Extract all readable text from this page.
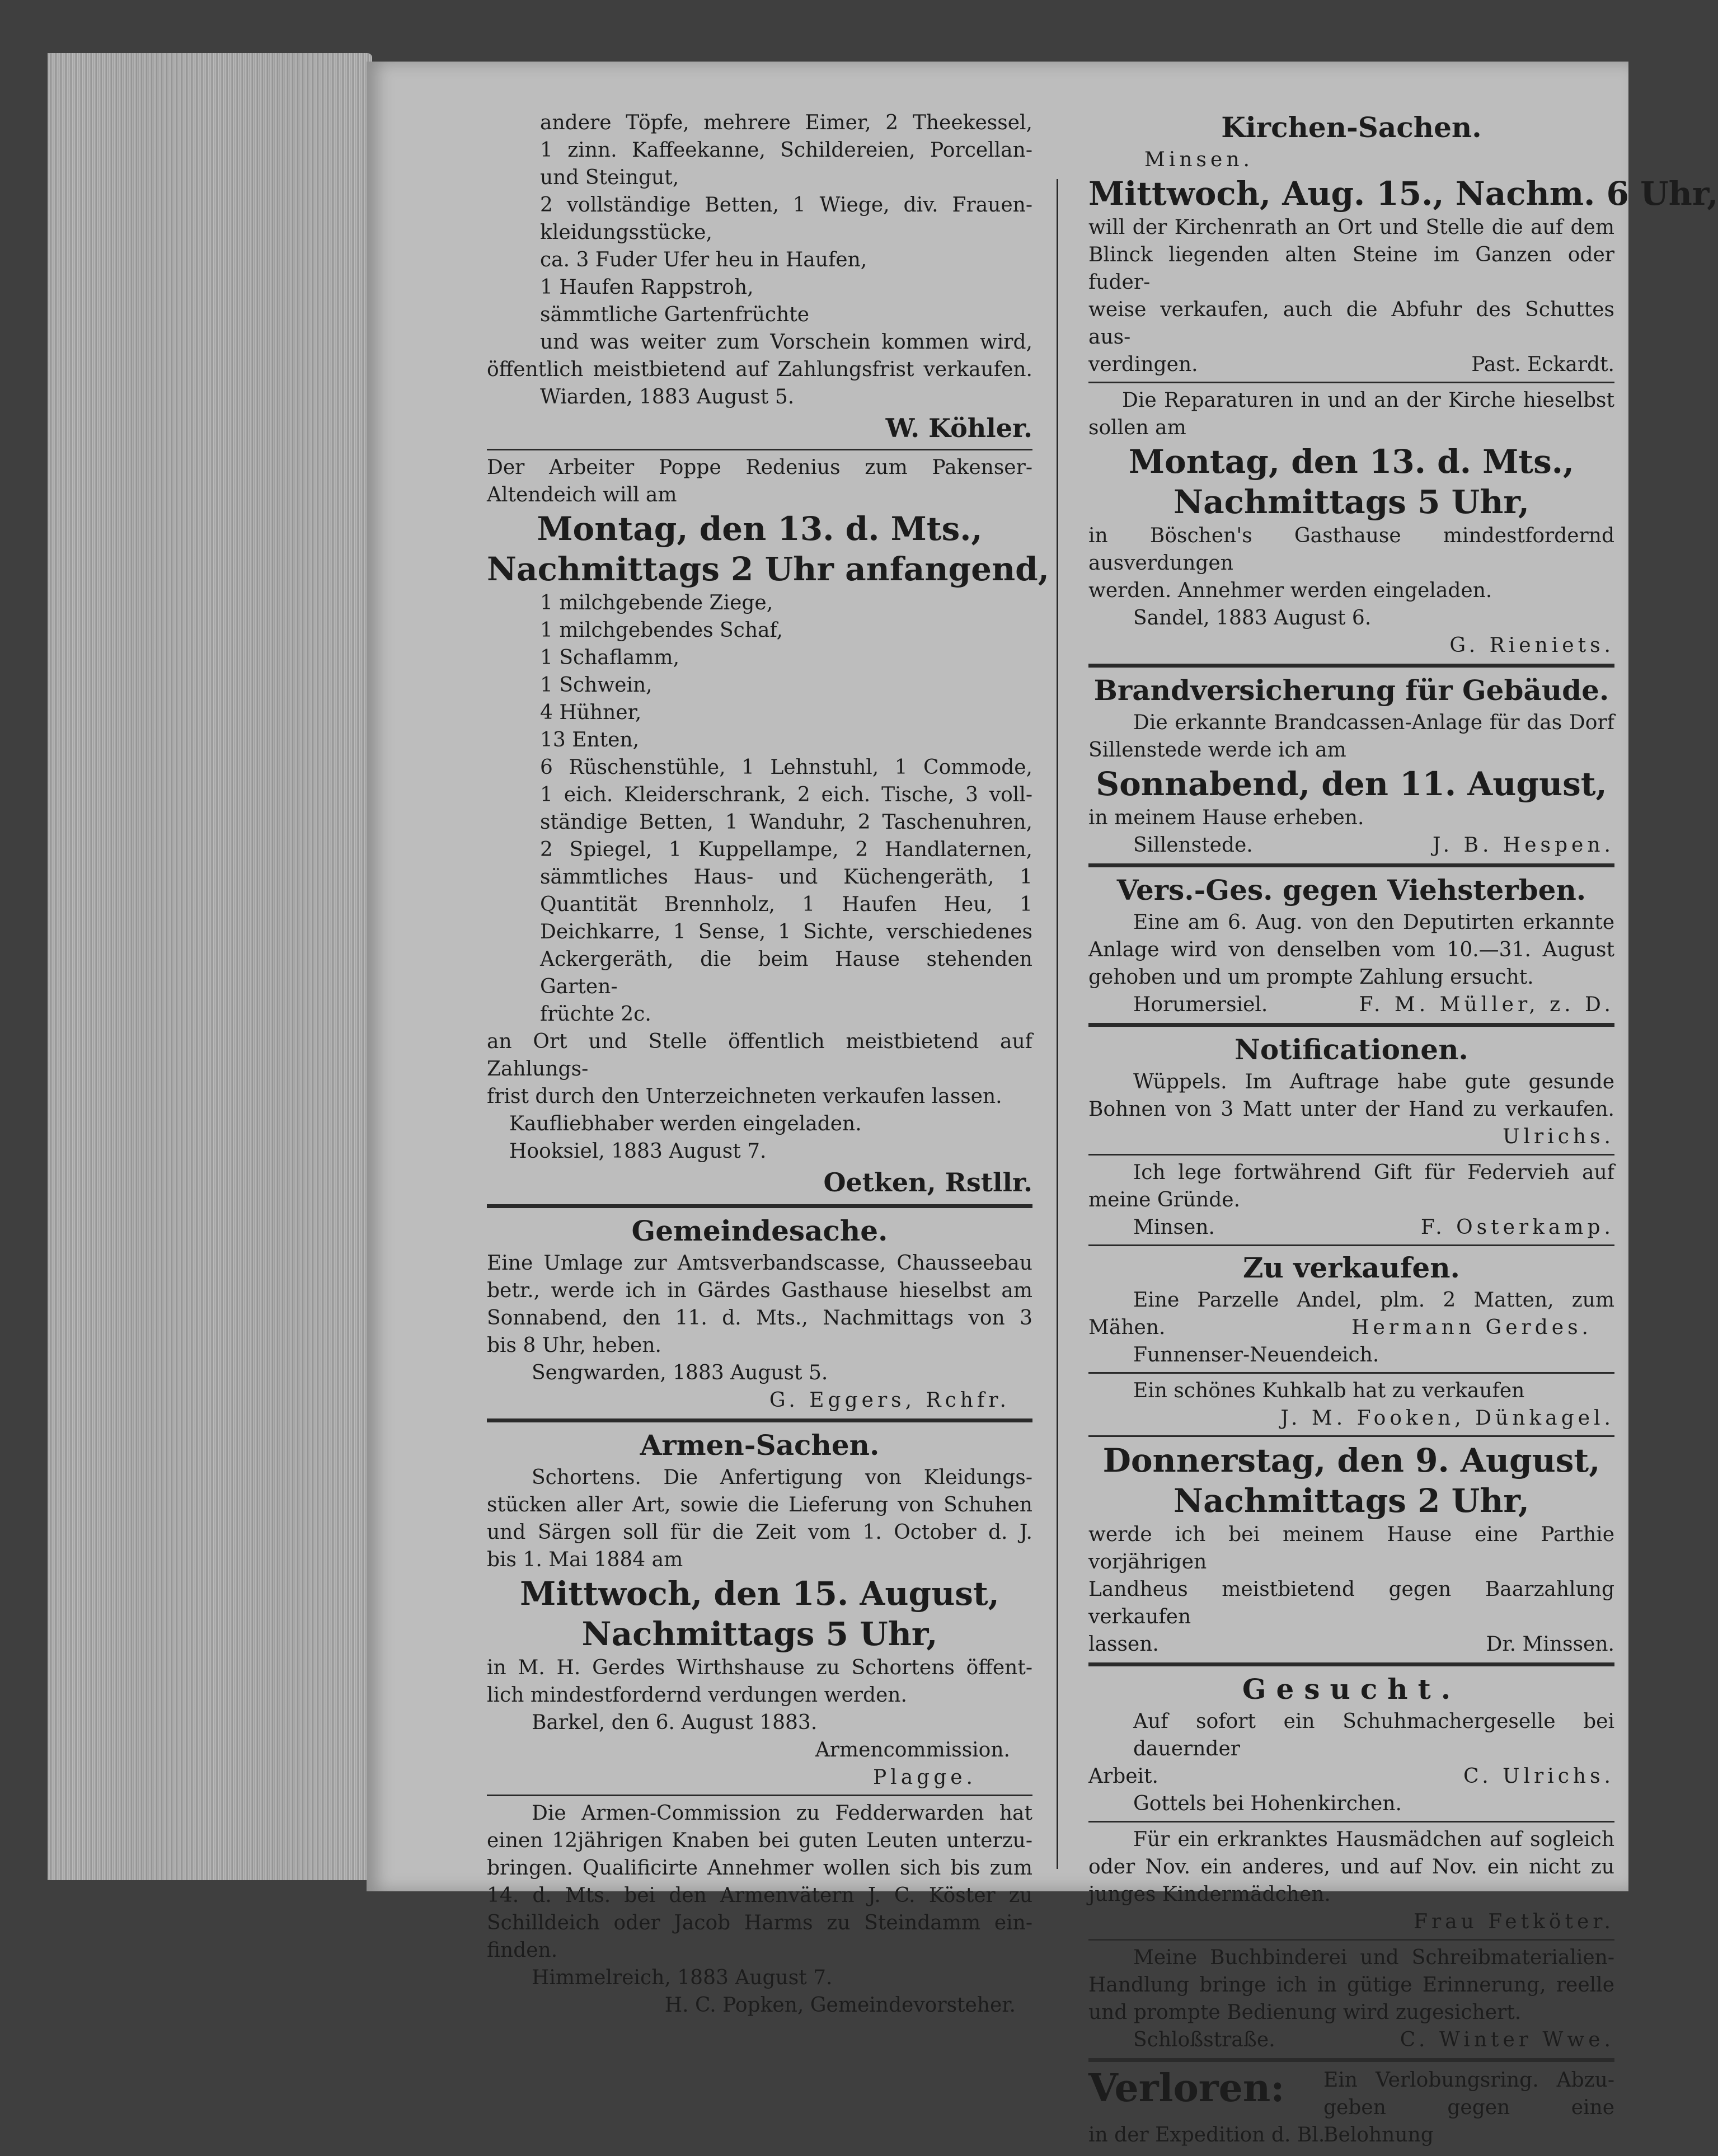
andere Töpfe, mehrere Eimer, 2 Theekessel,
1 zinn. Kaffeekanne, Schildereien, Porcellan-
und Steingut,
2 vollständige Betten, 1 Wiege, div. Frauen-
kleidungsstücke,
ca. 3 Fuder Ufer heu in Haufen,
1 Haufen Rappstroh,
sämmtliche Gartenfrüchte
und was weiter zum Vorschein kommen wird,
öffentlich meistbietend auf Zahlungsfrist verkaufen.
Wiarden, 1883 August 5.
W. Köhler.
Der Arbeiter Poppe Redenius zum Pakenser-
Altendeich will am
Montag, den 13. d. Mts.,
Nachmittags 2 Uhr anfangend,
1 milchgebende Ziege,
1 milchgebendes Schaf,
1 Schaflamm,
1 Schwein,
4 Hühner,
13 Enten,
6 Rüschenstühle, 1 Lehnstuhl, 1 Commode,
1 eich. Kleiderschrank, 2 eich. Tische, 3 voll-
ständige Betten, 1 Wanduhr, 2 Taschenuhren,
2 Spiegel, 1 Kuppellampe, 2 Handlaternen,
sämmtliches Haus- und Küchengeräth, 1
Quantität Brennholz, 1 Haufen Heu, 1
Deichkarre, 1 Sense, 1 Sichte, verschiedenes
Ackergeräth, die beim Hause stehenden Garten-
früchte 2c.
an Ort und Stelle öffentlich meistbietend auf Zahlungs-
frist durch den Unterzeichneten verkaufen lassen.
Kaufliebhaber werden eingeladen.
Hooksiel, 1883 August 7.
Oetken, Rstllr.
Gemeindesache.
Eine Umlage zur Amtsverbandscasse, Chausseebau
betr., werde ich in Gärdes Gasthause hieselbst am
Sonnabend, den 11. d. Mts., Nachmittags von 3
bis 8 Uhr, heben.
Sengwarden, 1883 August 5.
G. Eggers, Rchfr.
Armen-Sachen.
Schortens. Die Anfertigung von Kleidungs-
stücken aller Art, sowie die Lieferung von Schuhen
und Särgen soll für die Zeit vom 1. October d. J.
bis 1. Mai 1884 am
Mittwoch, den 15. August,
Nachmittags 5 Uhr,
in M. H. Gerdes Wirthshause zu Schortens öffent-
lich mindestfordernd verdungen werden.
Barkel, den 6. August 1883.
Armencommission.
Plagge.
Die Armen-Commission zu Fedderwarden hat
einen 12jährigen Knaben bei guten Leuten unterzu-
bringen. Qualificirte Annehmer wollen sich bis zum
14. d. Mts. bei den Armenvätern J. C. Köster zu
Schilldeich oder Jacob Harms zu Steindamm ein-
finden.
Himmelreich, 1883 August 7.
H. C. Popken, Gemeindevorsteher.
Kirchen-Sachen.
Minsen.
Mittwoch, Aug. 15., Nachm. 6 Uhr,
will der Kirchenrath an Ort und Stelle die auf dem
Blinck liegenden alten Steine im Ganzen oder fuder-
weise verkaufen, auch die Abfuhr des Schuttes aus-
verdingen.	Past. Eckardt.
Die Reparaturen in und an der Kirche hieselbst
sollen am
Montag, den 13. d. Mts.,
Nachmittags 5 Uhr,
in Böschen's Gasthause mindestfordernd ausverdungen
werden. Annehmer werden eingeladen.
Sandel, 1883 August 6.
G. Rieniets.
Brandversicherung für Gebäude.
Die erkannte Brandcassen-Anlage für das Dorf
Sillenstede werde ich am
Sonnabend, den 11. August,
in meinem Hause erheben.
Sillenstede.	J. B. Hespen.
Vers.-Ges. gegen Viehsterben.
Eine am 6. Aug. von den Deputirten erkannte
Anlage wird von denselben vom 10.—31. August
gehoben und um prompte Zahlung ersucht.
Horumersiel.	F. M. Müller, z. D.
Notificationen.
Wüppels. Im Auftrage habe gute gesunde
Bohnen von 3 Matt unter der Hand zu verkaufen.
Ulrichs.
Ich lege fortwährend Gift für Federvieh auf
meine Gründe.
Minsen.	F. Osterkamp.
Zu verkaufen.
Eine Parzelle Andel, plm. 2 Matten, zum
Mähen.	Hermann Gerdes.
Funnenser-Neuendeich.
Ein schönes Kuhkalb hat zu verkaufen
J. M. Fooken, Dünkagel.
Donnerstag, den 9. August,
Nachmittags 2 Uhr,
werde ich bei meinem Hause eine Parthie vorjährigen
Landheus meistbietend gegen Baarzahlung verkaufen
lassen.	Dr. Minssen.
Gesucht.
Auf sofort ein Schuhmachergeselle bei dauernder
Arbeit.	C. Ulrichs.
Gottels bei Hohenkirchen.
Für ein erkranktes Hausmädchen auf sogleich
oder Nov. ein anderes, und auf Nov. ein nicht zu
junges Kindermädchen.
Frau Fetköter.
Meine Buchbinderei und Schreibmaterialien-
Handlung bringe ich in gütige Erinnerung, reelle
und prompte Bedienung wird zugesichert.
Schloßstraße.	C. Winter Wwe.
Verloren: Ein Verlobungsring. Abzu-
geben gegen eine Belohnung
in der Expedition d. Bl.
